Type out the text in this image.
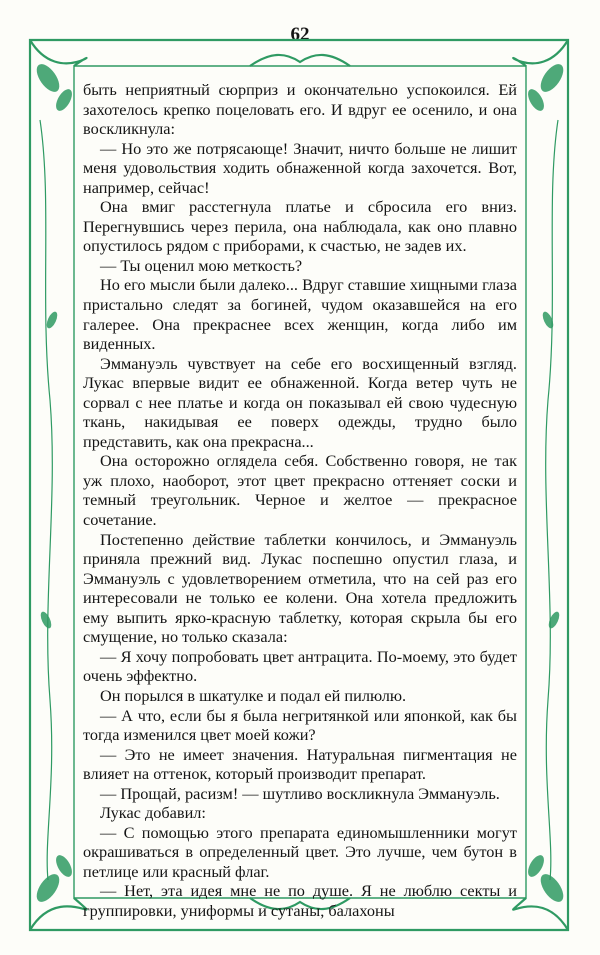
62

быть неприятный сюрприз и окончательно успокоился. Ей захотелось крепко поцеловать его. И вдруг ее осенило, и она воскликнула:

— Но это же потрясающе! Значит, ничто больше не лишит меня удовольствия ходить обнаженной когда захочется. Вот, например, сейчас!

Она вмиг расстегнула платье и сбросила его вниз. Перегнувшись через перила, она наблюдала, как оно плавно опустилось рядом с приборами, к счастью, не задев их.

— Ты оценил мою меткость?

Но его мысли были далеко... Вдруг ставшие хищными глаза пристально следят за богиней, чудом оказавшейся на его галерее. Она прекраснее всех женщин, когда либо им виденных.

Эммануэль чувствует на себе его восхищенный взгляд. Лукас впервые видит ее обнаженной. Когда ветер чуть не сорвал с нее платье и когда он показывал ей свою чудесную ткань, накидывая ее поверх одежды, трудно было представить, как она прекрасна...

Она осторожно оглядела себя. Собственно говоря, не так уж плохо, наоборот, этот цвет прекрасно оттеняет соски и темный треугольник. Черное и желтое — прекрасное сочетание.

Постепенно действие таблетки кончилось, и Эммануэль приняла прежний вид. Лукас поспешно опустил глаза, и Эммануэль с удовлетворением отметила, что на сей раз его интересовали не только ее колени. Она хотела предложить ему выпить ярко-красную таблетку, которая скрыла бы его смущение, но только сказала:

— Я хочу попробовать цвет антрацита. По-моему, это будет очень эффектно.

Он порылся в шкатулке и подал ей пилюлю.

— А что, если бы я была негритянкой или японкой, как бы тогда изменился цвет моей кожи?

— Это не имеет значения. Натуральная пигментация не влияет на оттенок, который производит препарат.

— Прощай, расизм! — шутливо воскликнула Эммануэль.

Лукас добавил:

— С помощью этого препарата единомышленники могут окрашиваться в определенный цвет. Это лучше, чем бутон в петлице или красный флаг.

— Нет, эта идея мне не по душе. Я не люблю секты и группировки, униформы и сутаны, балахоны
